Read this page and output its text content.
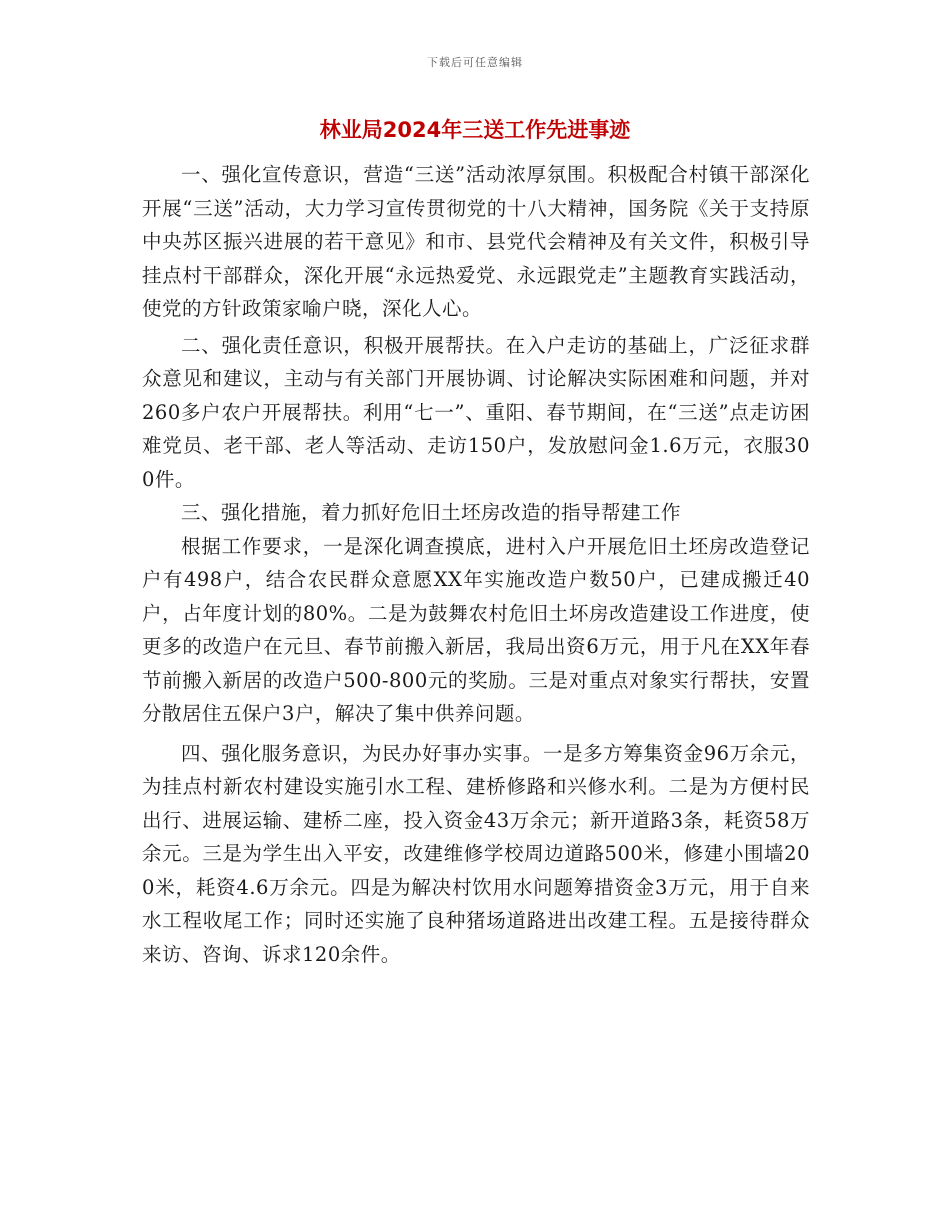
下载后可任意编辑
林业局2024年三送工作先进事迹

一、强化宣传意识，营造“三送”活动浓厚氛围。积极配合村镇干部深化开展“三送”活动，大力学习宣传贯彻党的十八大精神，国务院《关于支持原中央苏区振兴进展的若干意见》和市、县党代会精神及有关文件，积极引导挂点村干部群众，深化开展“永远热爱党、永远跟党走”主题教育实践活动，使党的方针政策家喻户晓，深化人心。

二、强化责任意识，积极开展帮扶。在入户走访的基础上，广泛征求群众意见和建议，主动与有关部门开展协调、讨论解决实际困难和问题，并对260多户农户开展帮扶。利用“七一”、重阳、春节期间，在“三送”点走访困难党员、老干部、老人等活动、走访150户，发放慰问金1.6万元，衣服300件。

三、强化措施，着力抓好危旧土坯房改造的指导帮建工作

根据工作要求，一是深化调查摸底，进村入户开展危旧土坯房改造登记户有498户，结合农民群众意愿XX年实施改造户数50户，已建成搬迁40户，占年度计划的80%。二是为鼓舞农村危旧土坏房改造建设工作进度，使更多的改造户在元旦、春节前搬入新居，我局出资6万元，用于凡在XX年春节前搬入新居的改造户500-800元的奖励。三是对重点对象实行帮扶，安置分散居住五保户3户，解决了集中供养问题。

四、强化服务意识，为民办好事办实事。一是多方筹集资金96万余元，为挂点村新农村建设实施引水工程、建桥修路和兴修水利。二是为方便村民出行、进展运输、建桥二座，投入资金43万余元；新开道路3条，耗资58万余元。三是为学生出入平安，改建维修学校周边道路500米，修建小围墙200米，耗资4.6万余元。四是为解决村饮用水问题筹措资金3万元，用于自来水工程收尾工作；同时还实施了良种猪场道路进出改建工程。五是接待群众来访、咨询、诉求120余件。
